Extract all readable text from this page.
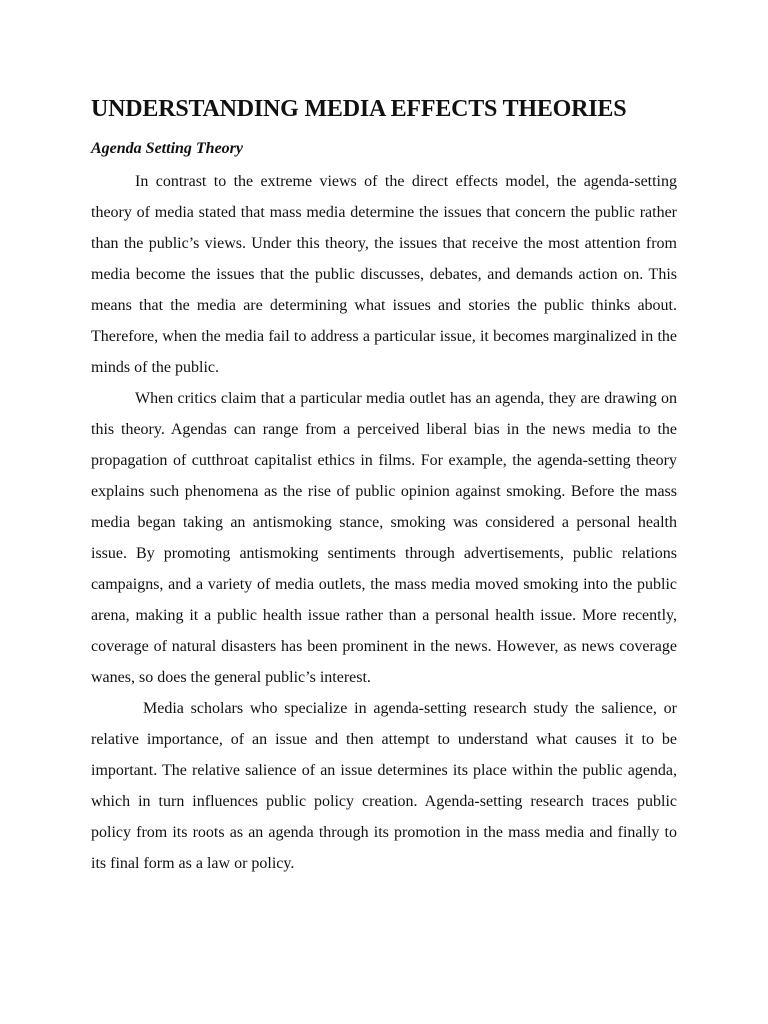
UNDERSTANDING MEDIA EFFECTS THEORIES
Agenda Setting Theory

In contrast to the extreme views of the direct effects model, the agenda-setting theory of media stated that mass media determine the issues that concern the public rather than the public’s views. Under this theory, the issues that receive the most attention from media become the issues that the public discusses, debates, and demands action on. This means that the media are determining what issues and stories the public thinks about. Therefore, when the media fail to address a particular issue, it becomes marginalized in the minds of the public.

When critics claim that a particular media outlet has an agenda, they are drawing on this theory. Agendas can range from a perceived liberal bias in the news media to the propagation of cutthroat capitalist ethics in films. For example, the agenda-setting theory explains such phenomena as the rise of public opinion against smoking. Before the mass media began taking an antismoking stance, smoking was considered a personal health issue. By promoting antismoking sentiments through advertisements, public relations campaigns, and a variety of media outlets, the mass media moved smoking into the public arena, making it a public health issue rather than a personal health issue. More recently, coverage of natural disasters has been prominent in the news. However, as news coverage wanes, so does the general public’s interest.

Media scholars who specialize in agenda-setting research study the salience, or relative importance, of an issue and then attempt to understand what causes it to be important. The relative salience of an issue determines its place within the public agenda, which in turn influences public policy creation. Agenda-setting research traces public policy from its roots as an agenda through its promotion in the mass media and finally to its final form as a law or policy.
